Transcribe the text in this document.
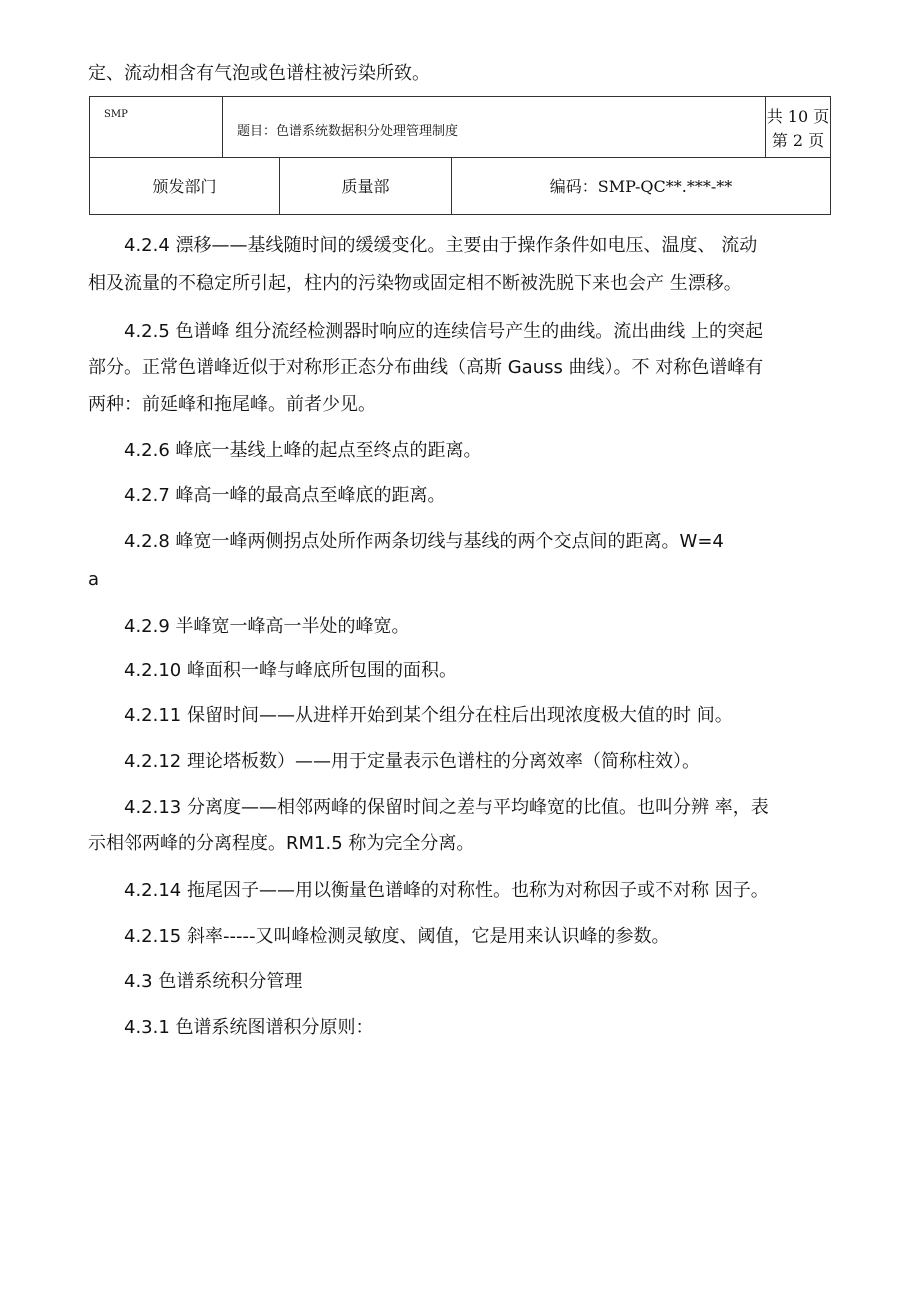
定、流动相含有气泡或色谱柱被污染所致。
SMP
题目：色谱系统数据积分处理管理制度
共 10 页
第 2 页
颁发部门	质量部	编码：SMP-QC**.***-**
4.2.4 漂移——基线随时间的缓缓变化。主要由于操作条件如电压、温度、 流动
相及流量的不稳定所引起，柱内的污染物或固定相不断被洗脱下来也会产 生漂移。
4.2.5 色谱峰 组分流经检测器时响应的连续信号产生的曲线。流出曲线 上的突起
部分。正常色谱峰近似于对称形正态分布曲线（高斯 Gauss 曲线）。不 对称色谱峰有
两种：前延峰和拖尾峰。前者少见。
4.2.6 峰底一基线上峰的起点至终点的距离。
4.2.7 峰高一峰的最高点至峰底的距离。
4.2.8 峰宽一峰两侧拐点处所作两条切线与基线的两个交点间的距离。W=4
a
4.2.9 半峰宽一峰高一半处的峰宽。
4.2.10 峰面积一峰与峰底所包围的面积。
4.2.11 保留时间——从进样开始到某个组分在柱后出现浓度极大值的时 间。
4.2.12 理论塔板数）——用于定量表示色谱柱的分离效率（简称柱效）。
4.2.13 分离度——相邻两峰的保留时间之差与平均峰宽的比值。也叫分辨 率，表
示相邻两峰的分离程度。RM1.5 称为完全分离。
4.2.14 拖尾因子——用以衡量色谱峰的对称性。也称为对称因子或不对称 因子。
4.2.15 斜率-----又叫峰检测灵敏度、阈值，它是用来认识峰的参数。
4.3 色谱系统积分管理
4.3.1 色谱系统图谱积分原则：
